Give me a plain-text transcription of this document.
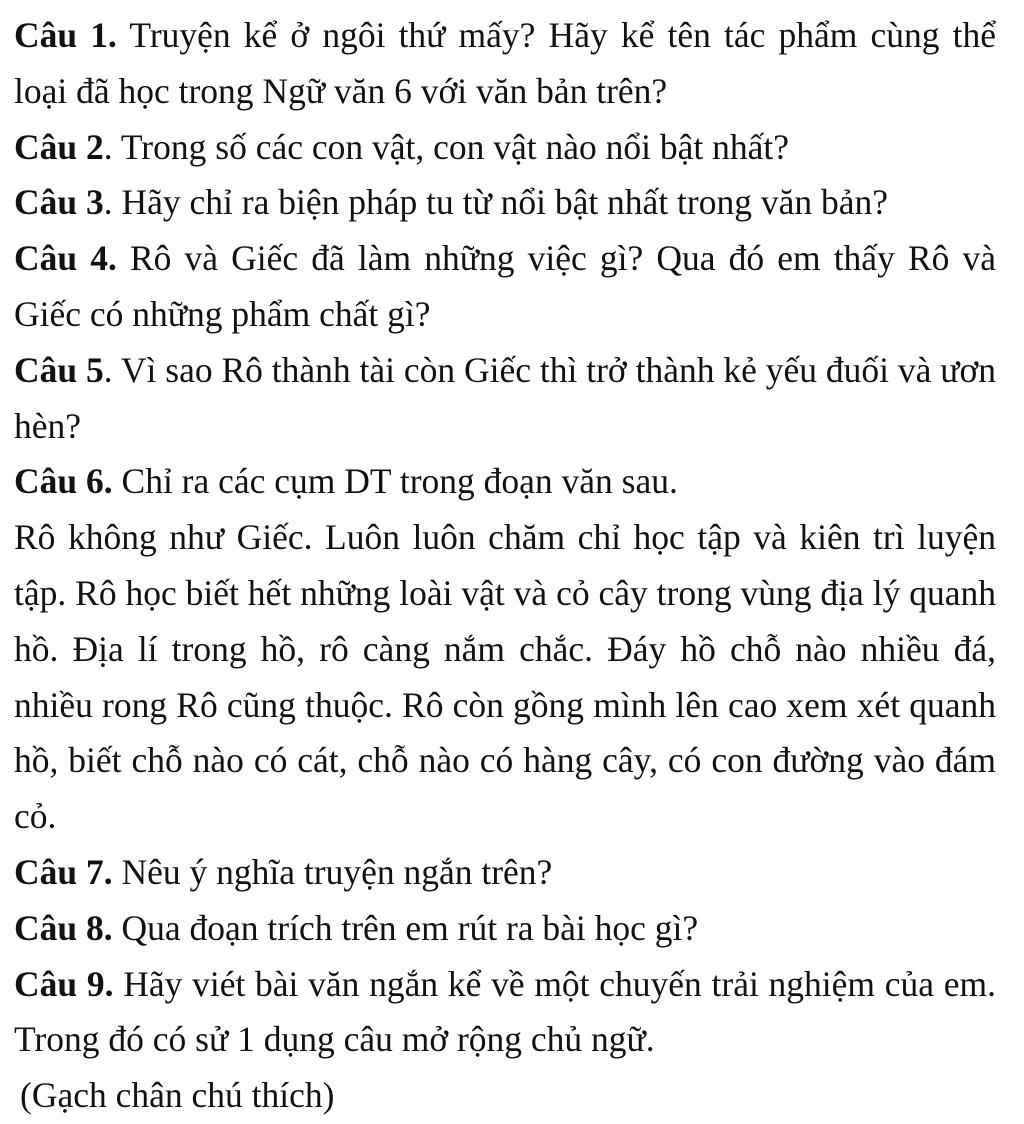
Câu 1. Truyện kể ở ngôi thứ mấy? Hãy kể tên tác phẩm cùng thể loại đã học trong Ngữ văn 6 với văn bản trên?

Câu 2. Trong số các con vật, con vật nào nổi bật nhất?

Câu 3. Hãy chỉ ra biện pháp tu từ nổi bật nhất trong văn bản?

Câu 4. Rô và Giếc đã làm những việc gì? Qua đó em thấy Rô và Giếc có những phẩm chất gì?

Câu 5. Vì sao Rô thành tài còn Giếc thì trở thành kẻ yếu đuối và ươn hèn?

Câu 6. Chỉ ra các cụm DT trong đoạn văn sau.

Rô không như Giếc. Luôn luôn chăm chỉ học tập và kiên trì luyện tập. Rô học biết hết những loài vật và cỏ cây trong vùng địa lý quanh hồ. Địa lí trong hồ, rô càng nắm chắc. Đáy hồ chỗ nào nhiều đá, nhiều rong Rô cũng thuộc. Rô còn gồng mình lên cao xem xét quanh hồ, biết chỗ nào có cát, chỗ nào có hàng cây, có con đường vào đám cỏ.

Câu 7. Nêu ý nghĩa truyện ngắn trên?

Câu 8. Qua đoạn trích trên em rút ra bài học gì?

Câu 9. Hãy viét bài văn ngắn kể về một chuyến trải nghiệm của em. Trong đó có sử 1 dụng câu mở rộng chủ ngữ.

(Gạch chân chú thích)
